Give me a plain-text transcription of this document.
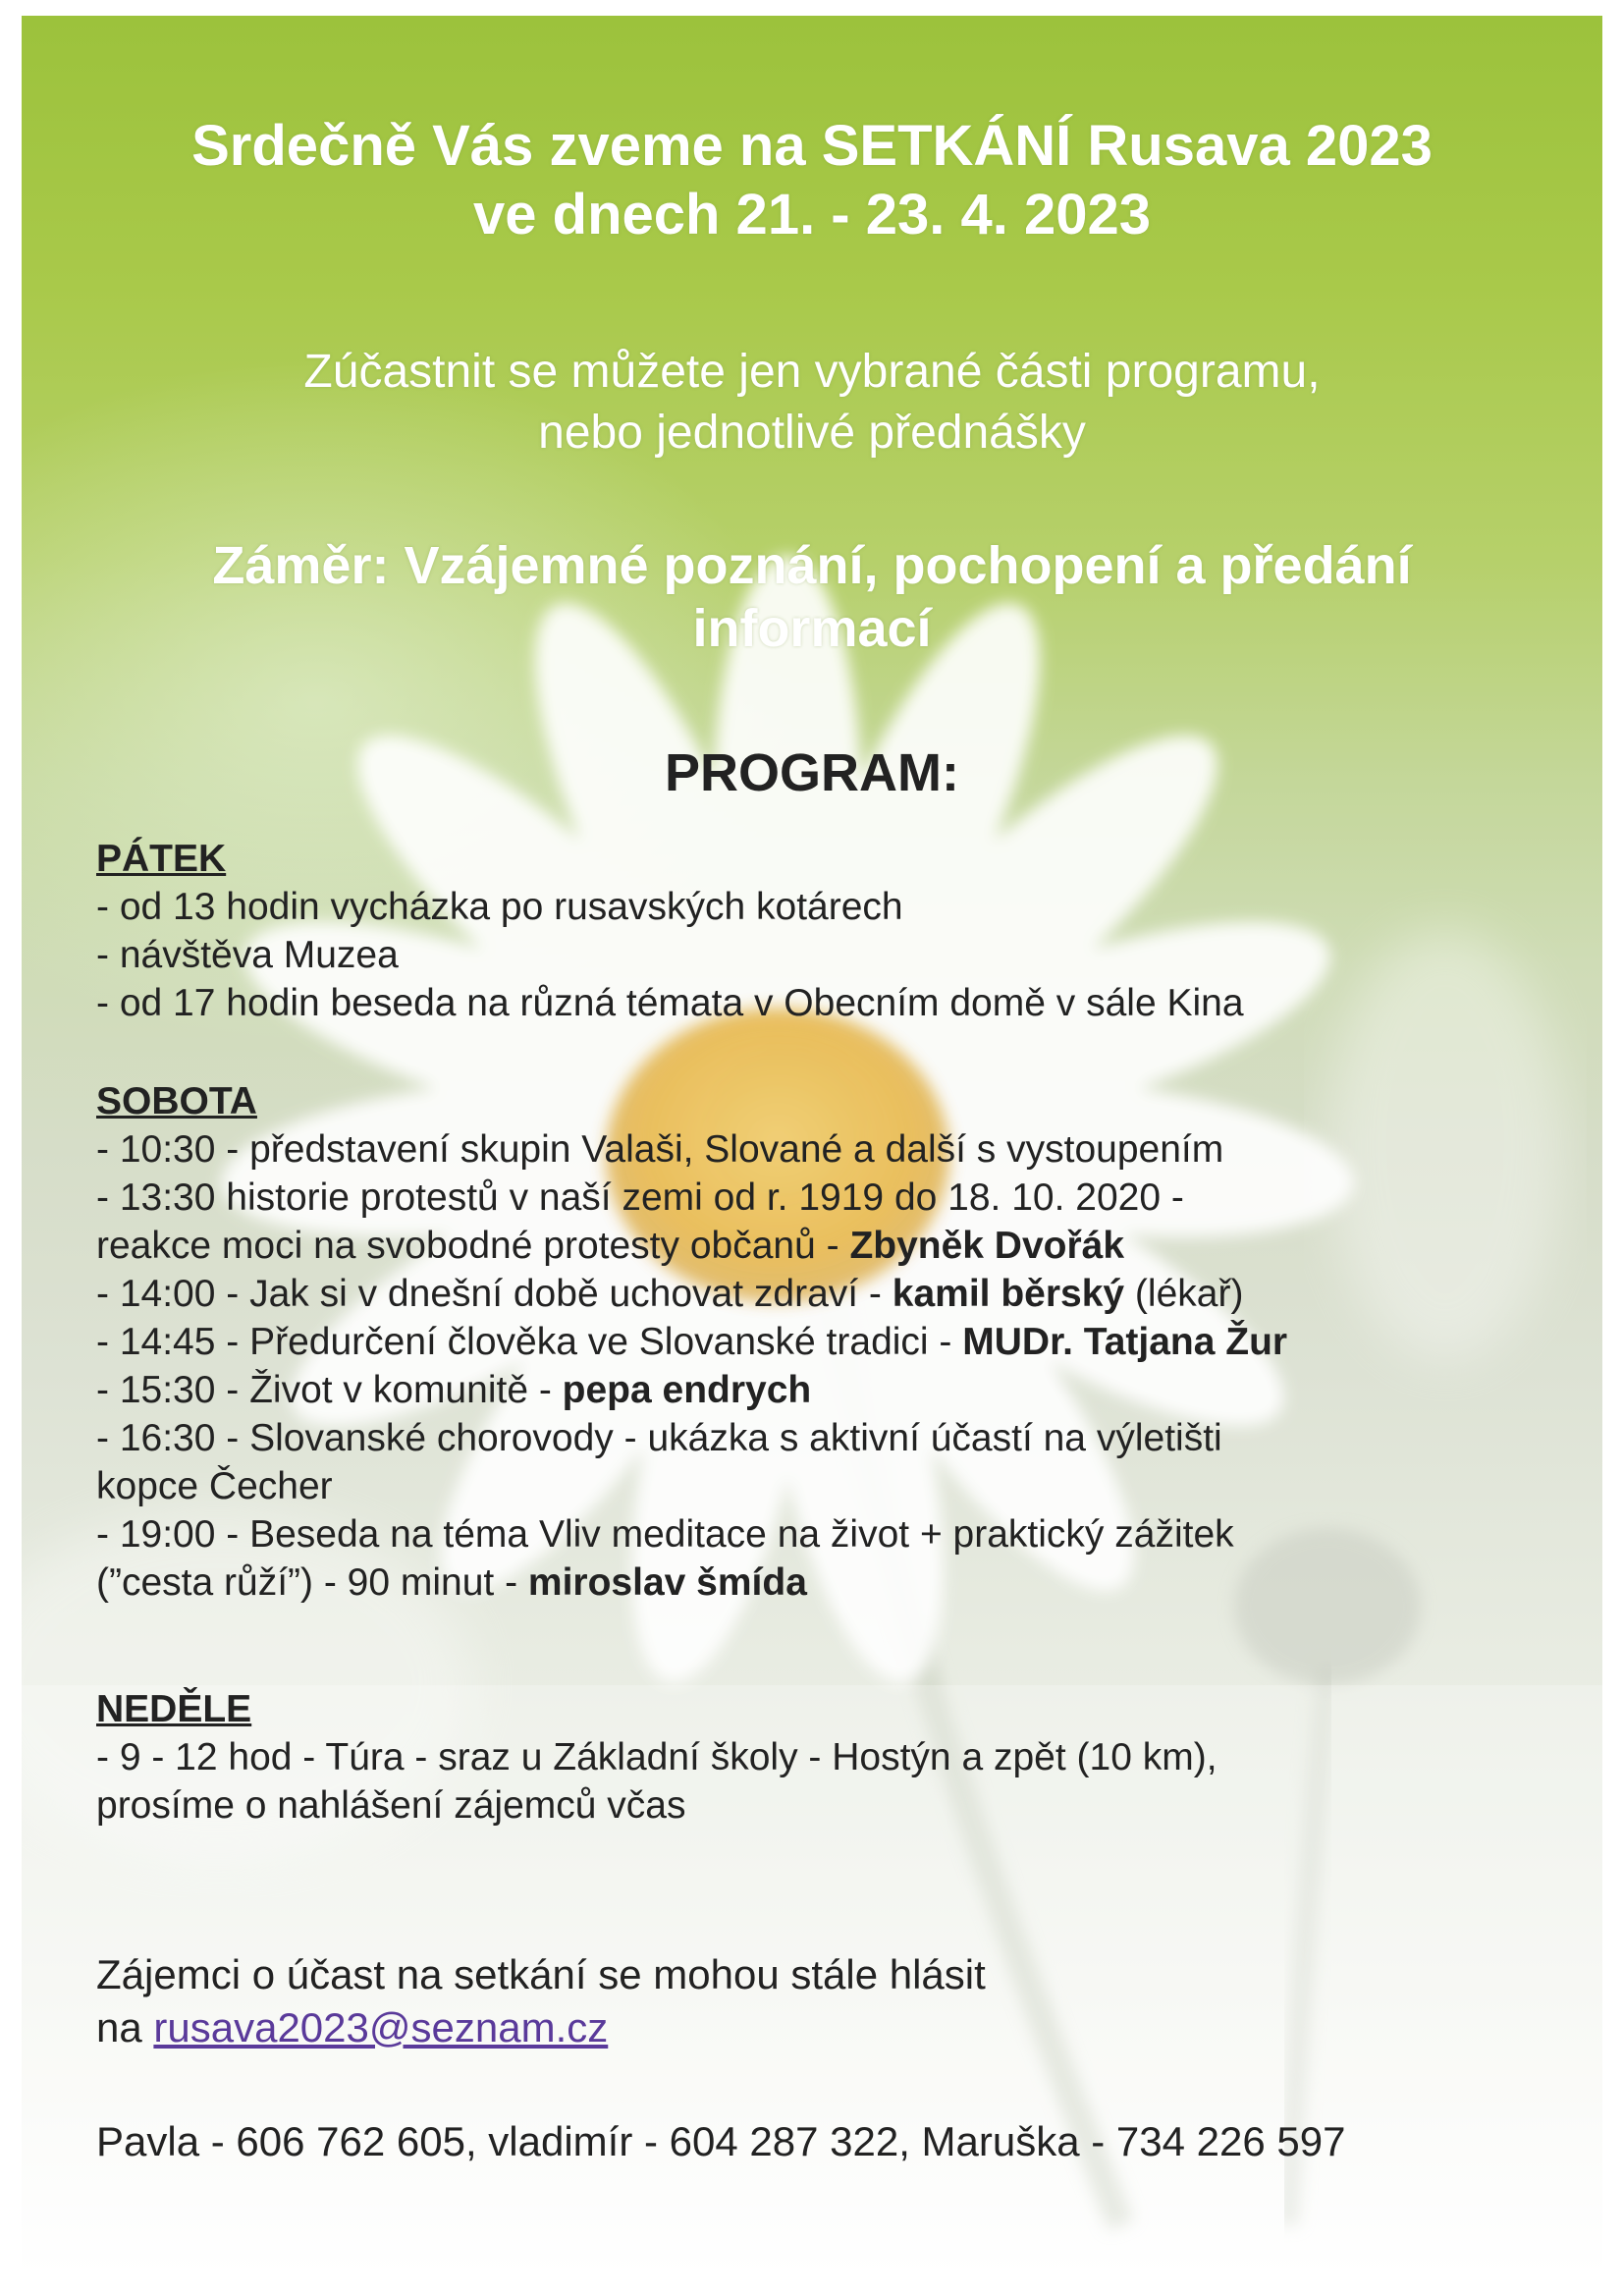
Srdečně Vás zveme na SETKÁNÍ Rusava 2023
ve dnech 21. - 23. 4. 2023

Zúčastnit se můžete jen vybrané části programu,
nebo jednotlivé přednášky

Záměr: Vzájemné poznání, pochopení a předání
informací

PROGRAM:

PÁTEK
- od 13 hodin vycházka po rusavských kotárech
- návštěva Muzea
- od 17 hodin beseda na různá témata v Obecním domě v sále Kina
SOBOTA
- 10:30 - představení skupin Valaši, Slované a další s vystoupením
- 13:30 historie protestů v naší zemi od r. 1919 do 18. 10. 2020 -
reakce moci na svobodné protesty občanů - Zbyněk Dvořák
- 14:00 - Jak si v dnešní době uchovat zdraví - kamil běrský (lékař)
- 14:45 - Předurčení člověka ve Slovanské tradici - MUDr. Tatjana Žur
- 15:30 - Život v komunitě - pepa endrych
- 16:30 - Slovanské chorovody - ukázka s aktivní účastí na výletišti
kopce Čecher
- 19:00 - Beseda na téma Vliv meditace na život + praktický zážitek
(”cesta růží”) - 90 minut - miroslav šmída
NEDĚLE
- 9 - 12 hod - Túra - sraz u Základní školy - Hostýn a zpět (10 km),
prosíme o nahlášení zájemců včas
Zájemci o účast na setkání se mohou stále hlásit
na rusava2023@seznam.cz
Pavla - 606 762 605, vladimír - 604 287 322, Maruška - 734 226 597
